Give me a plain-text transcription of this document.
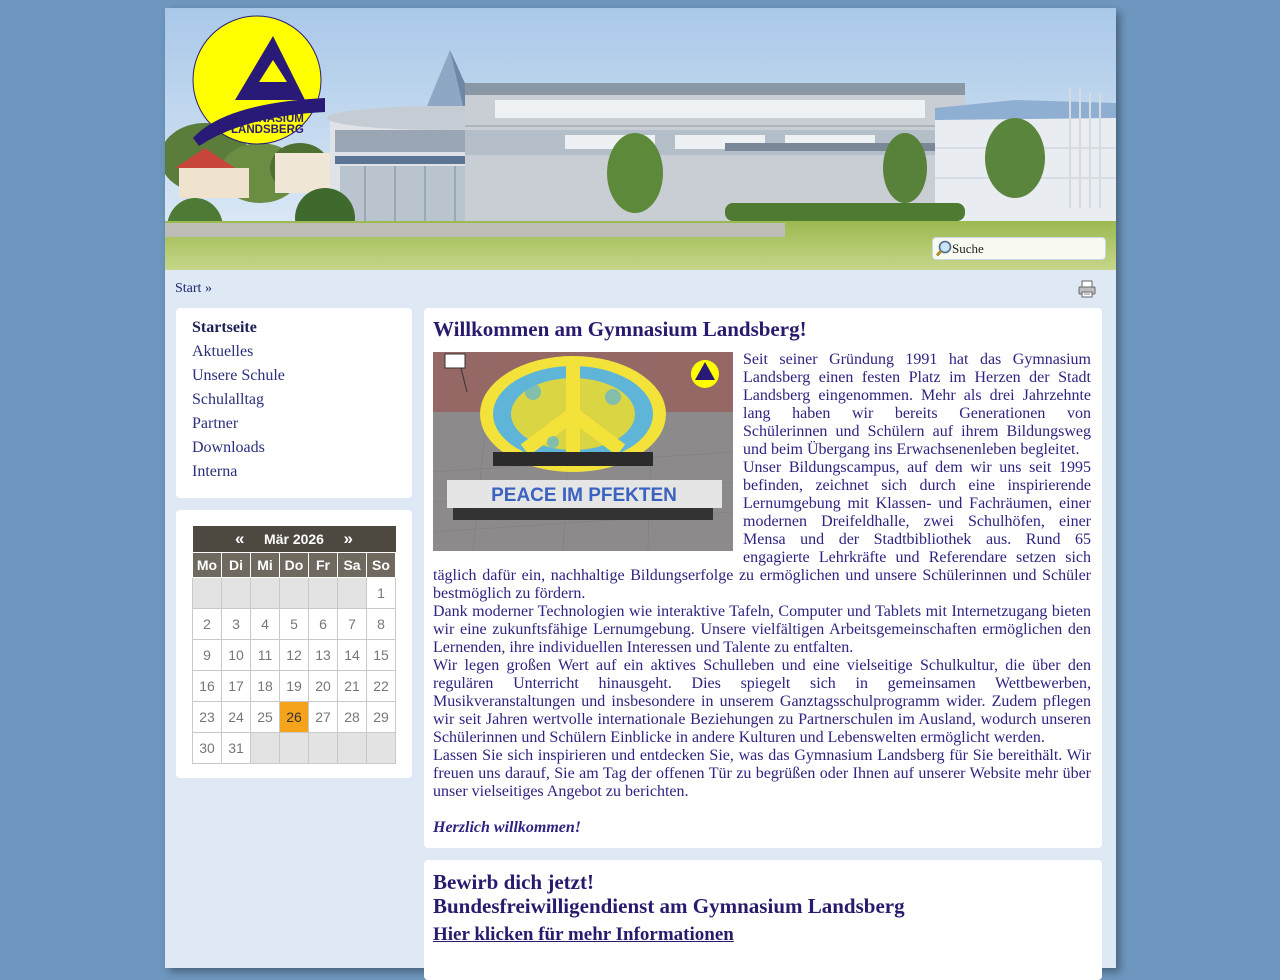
GYMNASIUM
LANDSBERG
Suche
Start »
Startseite
Aktuelles
Unsere Schule
Schulalltag
Partner
Downloads
Interna
«		Mär 2026			»	
Mo	Di	Mi	Do	Fr	Sa	So
						1
2	3	4	5	6	7	8
9	10	11	12	13	14	15
16	17	18	19	20	21	22
23	24	25	26	27	28	29
30	31					
Willkommen am Gymnasium Landsberg!
PEACE IM PFEKTEN

Seit seiner Gründung 1991 hat das Gymnasium Landsberg einen festen Platz im Herzen der Stadt Landsberg eingenommen. Mehr als drei Jahrzehnte lang haben wir bereits Generationen von Schülerinnen und Schülern auf ihrem Bildungsweg und beim Übergang ins Erwachsenenleben begleitet.

Unser Bildungscampus, auf dem wir uns seit 1995 befinden, zeichnet sich durch eine inspirierende Lernumgebung mit Klassen- und Fachräumen, einer modernen Dreifeldhalle, zwei Schulhöfen, einer Mensa und der Stadtbibliothek aus. Rund 65 engagierte Lehrkräfte und Referendare setzen sich täglich dafür ein, nachhaltige Bildungserfolge zu ermöglichen und unsere Schülerinnen und Schüler bestmöglich zu fördern.

Dank moderner Technologien wie interaktive Tafeln, Computer und Tablets mit Internetzugang bieten wir eine zukunftsfähige Lernumgebung. Unsere vielfältigen Arbeitsgemeinschaften ermöglichen den Lernenden, ihre individuellen Interessen und Talente zu entfalten.

Wir legen großen Wert auf ein aktives Schulleben und eine vielseitige Schulkultur, die über den regulären Unterricht hinausgeht. Dies spiegelt sich in gemeinsamen Wettbewerben, Musikveranstaltungen und insbesondere in unserem Ganztagsschulprogramm wider. Zudem pflegen wir seit Jahren wertvolle internationale Beziehungen zu Partnerschulen im Ausland, wodurch unseren Schülerinnen und Schülern Einblicke in andere Kulturen und Lebenswelten ermöglicht werden.

Lassen Sie sich inspirieren und entdecken Sie, was das Gymnasium Landsberg für Sie bereithält. Wir freuen uns darauf, Sie am Tag der offenen Tür zu begrüßen oder Ihnen auf unserer Website mehr über unser vielseitiges Angebot zu berichten.

Herzlich willkommen!

Bewirb dich jetzt!
Bundesfreiwilligendienst am Gymnasium Landsberg
Hier klicken für mehr Informationen
